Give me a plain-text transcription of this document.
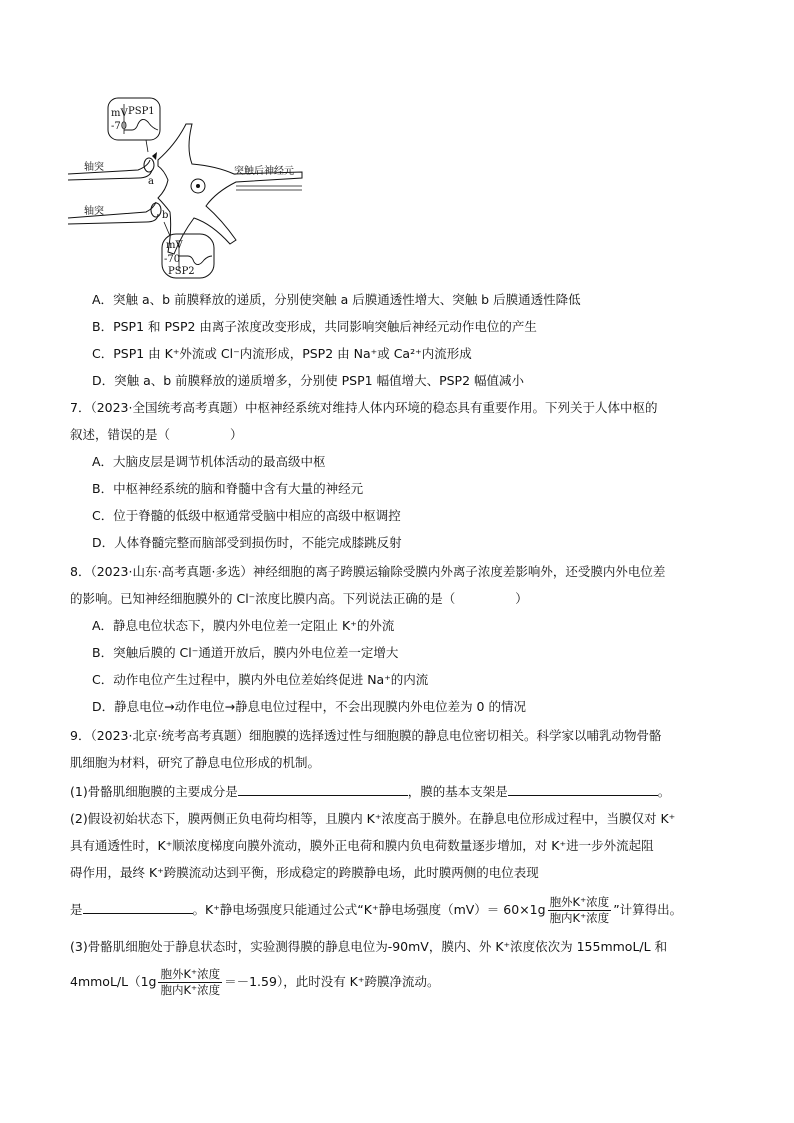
mV
-70
PSP1
轴突
a
轴突	b
突触后神经元
mV
-70
PSP2
A．突触 a、b 前膜释放的递质，分别使突触 a 后膜通透性增大、突触 b 后膜通透性降低
B．PSP1 和 PSP2 由离子浓度改变形成，共同影响突触后神经元动作电位的产生
C．PSP1 由 K⁺外流或 Cl⁻内流形成，PSP2 由 Na⁺或 Ca²⁺内流形成
D．突触 a、b 前膜释放的递质增多，分别使 PSP1 幅值增大、PSP2 幅值减小
7．（2023·全国统考高考真题）中枢神经系统对维持人体内环境的稳态具有重要作用。下列关于人体中枢的
叙述，错误的是（	）
A．大脑皮层是调节机体活动的最高级中枢
B．中枢神经系统的脑和脊髓中含有大量的神经元
C．位于脊髓的低级中枢通常受脑中相应的高级中枢调控
D．人体脊髓完整而脑部受到损伤时，不能完成膝跳反射
8．（2023·山东·高考真题·多选）神经细胞的离子跨膜运输除受膜内外离子浓度差影响外，还受膜内外电位差
的影响。已知神经细胞膜外的 Cl⁻浓度比膜内高。下列说法正确的是（	）
A．静息电位状态下，膜内外电位差一定阻止 K⁺的外流
B．突触后膜的 Cl⁻通道开放后，膜内外电位差一定增大
C．动作电位产生过程中，膜内外电位差始终促进 Na⁺的内流
D．静息电位→动作电位→静息电位过程中，不会出现膜内外电位差为 0 的情况
9．（2023·北京·统考高考真题）细胞膜的选择透过性与细胞膜的静息电位密切相关。科学家以哺乳动物骨骼
肌细胞为材料，研究了静息电位形成的机制。
(1)骨骼肌细胞膜的主要成分是	，膜的基本支架是	。
(2)假设初始状态下，膜两侧正负电荷均相等，且膜内 K⁺浓度高于膜外。在静息电位形成过程中，当膜仅对 K⁺
具有通透性时，K⁺顺浓度梯度向膜外流动，膜外正电荷和膜内负电荷数量逐步增加，对 K⁺进一步外流起阻
碍作用，最终 K⁺跨膜流动达到平衡，形成稳定的跨膜静电场，此时膜两侧的电位表现
是	。K⁺静电场强度只能通过公式“K⁺静电场强度$(mV)= 60\times 1g \frac{\text{胞外K⁺浓度}}{\text{胞内K⁺浓度}}$ ”计算得出。
(3)骨骼肌细胞处于静息状态时，实验测得膜的静息电位为-90mV，膜内、外 K⁺浓度依次为 155mmoL/L 和
4mmoL/L（1g $\frac{\text{胞外K⁺浓度}}{\text{胞内K⁺浓度}} =-1.59$），此时没有 K⁺跨膜净流动。
